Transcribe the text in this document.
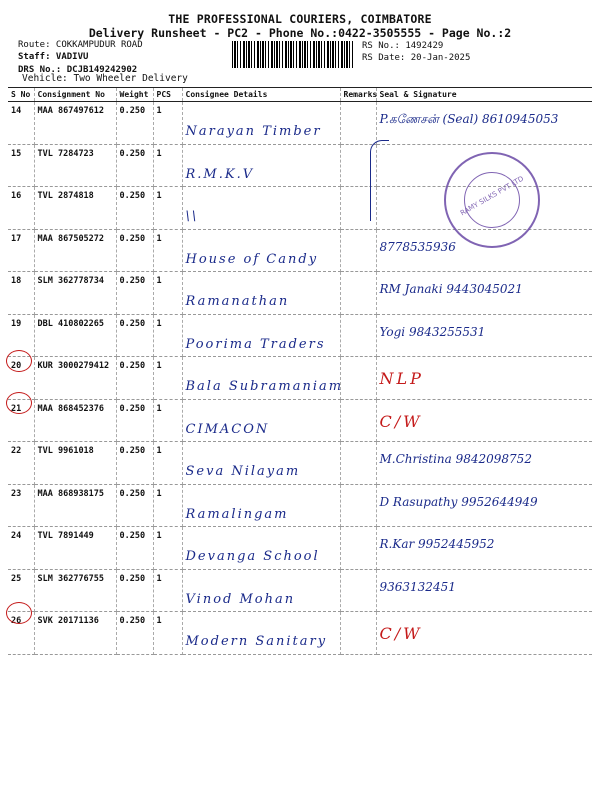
THE PROFESSIONAL COURIERS, COIMBATORE
Delivery Runsheet - PC2 - Phone No.:0422-3505555 - Page No.:2
Route: COKKAMPUDUR ROAD
Staff: VADIVU
DRS No.: DCJB149242902
RS No.: 1492429
RS Date: 20-Jan-2025
Vehicle: Two Wheeler Delivery
S No	Consignment No	Weight	PCS	Consignee Details	Remarks	Seal & Signature
14	MAA 867497612	0.250	1	Narayan Timber		P.கணேசன் (Seal) 8610945053

15	TVL 7284723	0.250	1	R.M.K.V		

16	TVL 2874818	0.250	1	\\		

17	MAA 867505272	0.250	1	House of Candy		8778535936

18	SLM 362778734	0.250	1	Ramanathan		RM Janaki 9443045021

19	DBL 410802265	0.250	1	Poorima Traders		Yogi 9843255531

20	KUR 3000279412	0.250	1	Bala Subramaniam		NLP

21	MAA 868452376	0.250	1	CIMACON		C/W

22	TVL 9961018	0.250	1	Seva Nilayam		M.Christina 9842098752

23	MAA 868938175	0.250	1	Ramalingam		D Rasupathy 9952644949

24	TVL 7891449	0.250	1	Devanga School		R.Kar 9952445952

25	SLM 362776755	0.250	1	Vinod Mohan		9363132451

26	SVK 20171136	0.250	1	Modern Sanitary		C/W
RAMY SILKS PVT LTD
